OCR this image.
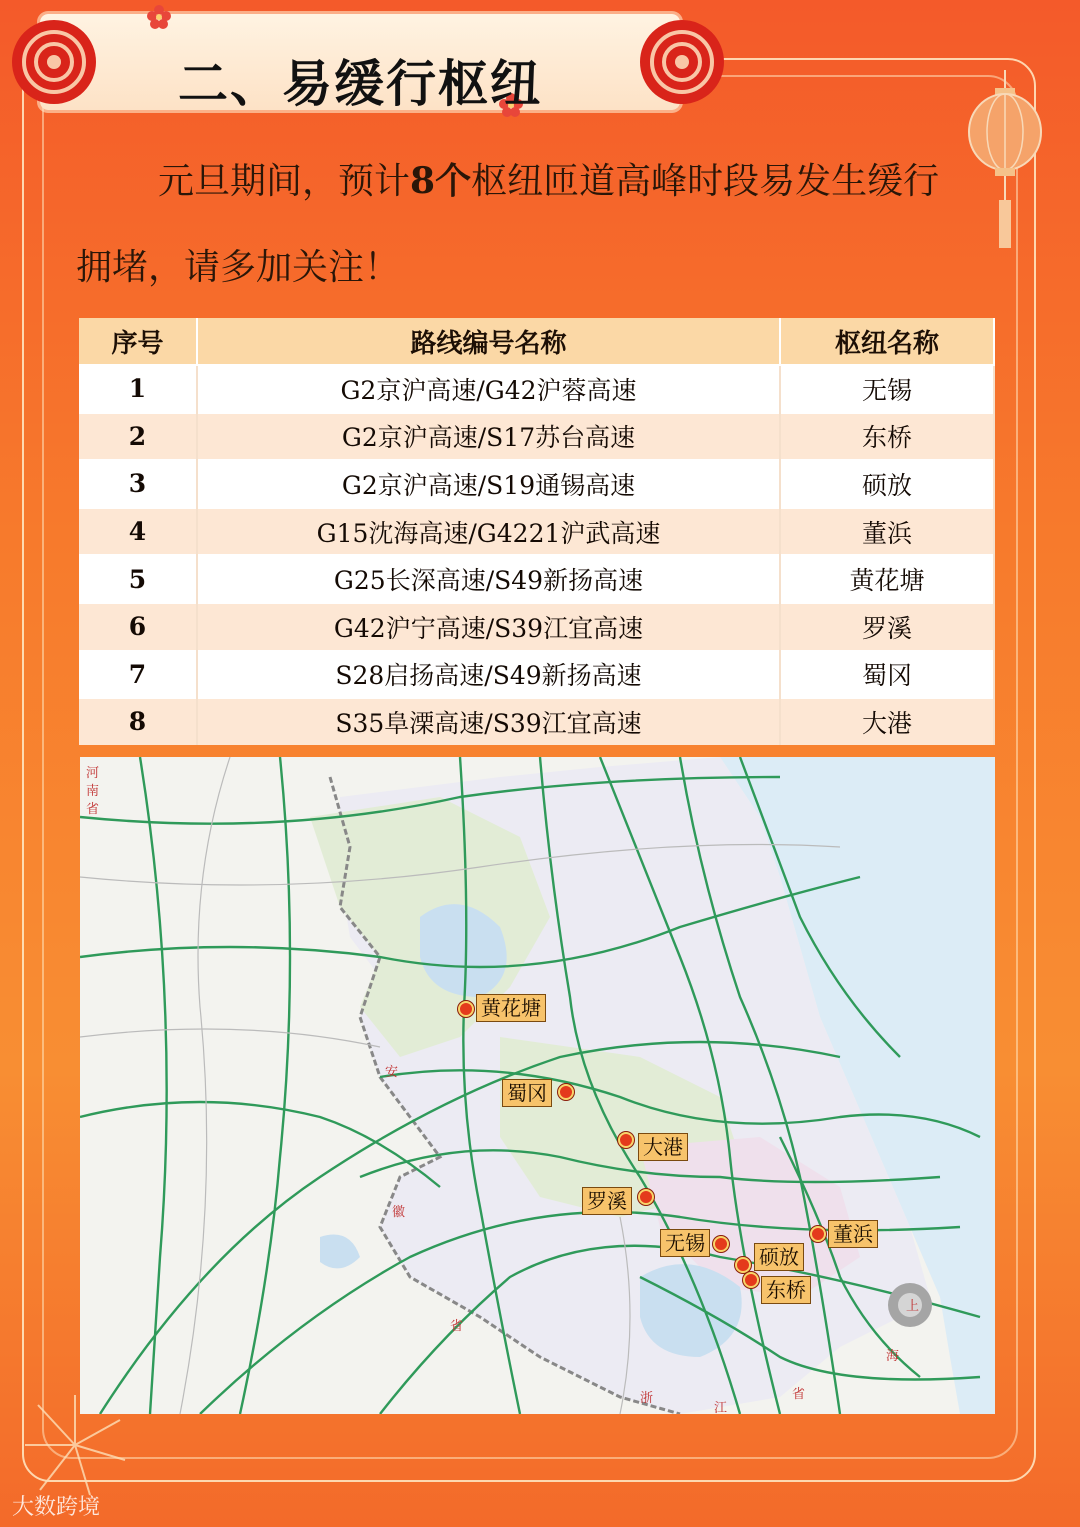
二、易缓行枢纽
元旦期间，预计8个枢纽匝道高峰时段易发生缓行
拥堵，请多加关注！
序号	路线编号名称	枢纽名称
1	G2京沪高速/G42沪蓉高速	无锡
2	G2京沪高速/S17苏台高速	东桥
3	G2京沪高速/S19通锡高速	硕放
4	G15沈海高速/G4221沪武高速	董浜
5	G25长深高速/S49新扬高速	黄花塘
6	G42沪宁高速/S39江宜高速	罗溪
7	S28启扬高速/S49新扬高速	蜀冈
8	S35阜溧高速/S39江宜高速	大港
河南省
安
徽
省
浙
江
省
上
海
黄花塘
蜀冈
大港
罗溪
无锡
硕放
东桥
董浜
大数跨境
